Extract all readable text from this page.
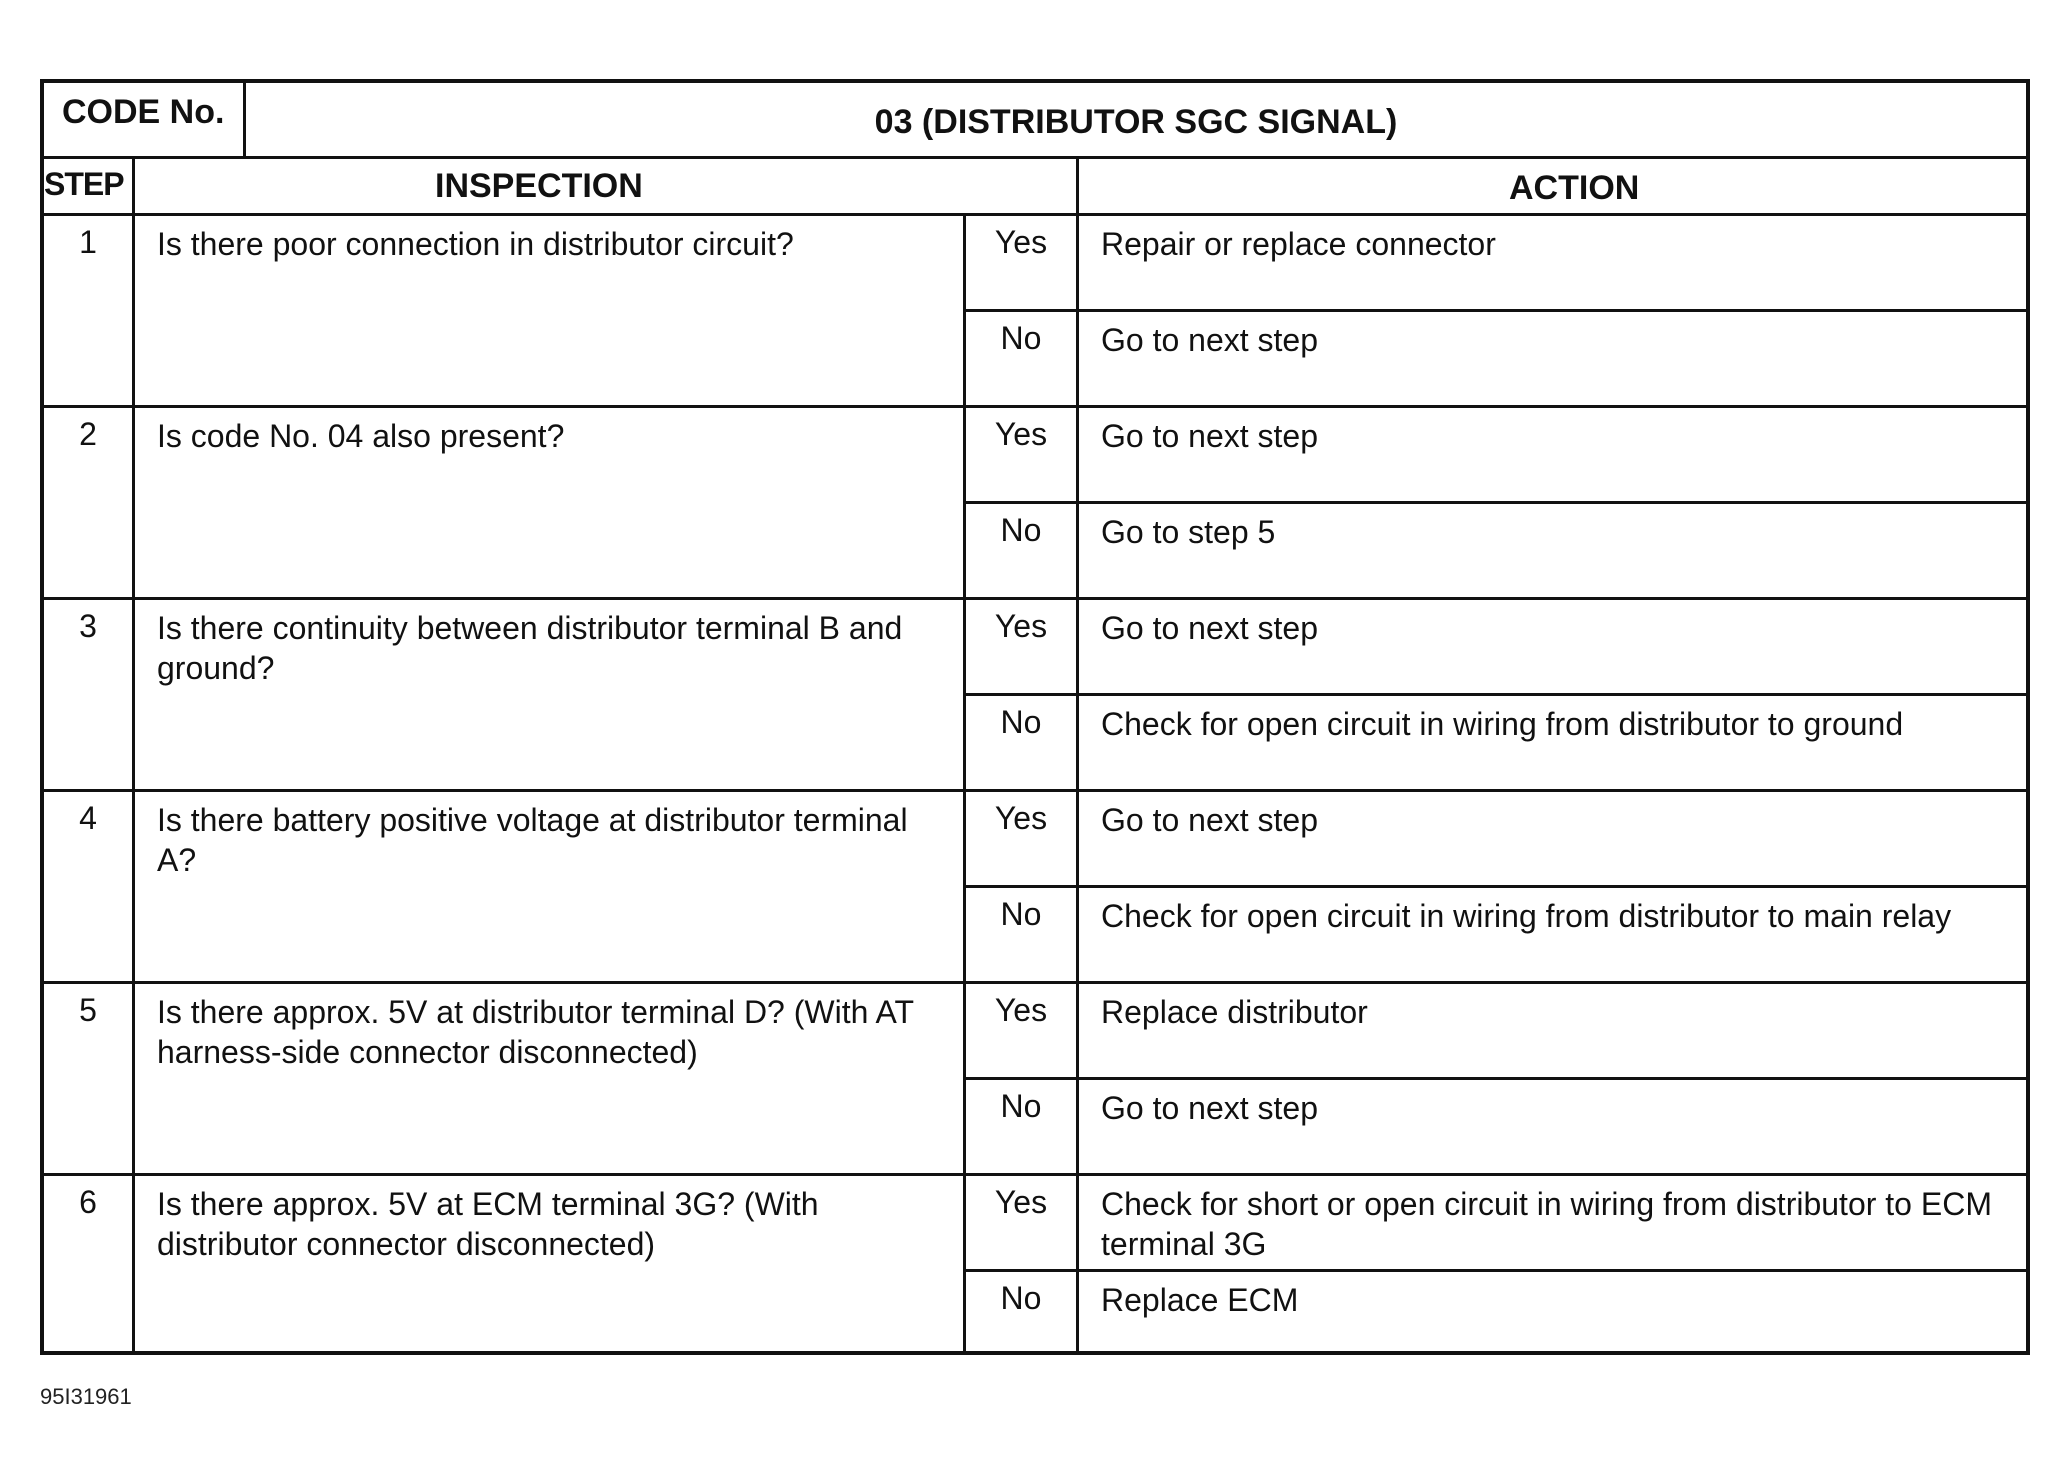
CODE No.	03 (DISTRIBUTOR SGC SIGNAL)
STEP	INSPECTION	ACTION
1	Is there poor connection in distributor circuit?	Yes	Repair or replace connector
No	Go to next step
2	Is code No. 04 also present?	Yes	Go to next step
No	Go to step 5
3	Is there continuity between distributor terminal B and ground?
Yes	Go to next step
No	Check for open circuit in wiring from distributor to ground
4	Is there battery positive voltage at distributor terminal A?
Yes	Go to next step
No	Check for open circuit in wiring from distributor to main relay
5	Is there approx. 5V at distributor terminal D? (With AT harness-side connector disconnected)
Yes	Replace distributor
No	Go to next step
6	Is there approx. 5V at ECM terminal 3G? (With distributor connector disconnected)
Yes	Check for short or open circuit in wiring from distributor to ECM terminal 3G
No	Replace ECM
95I31961
